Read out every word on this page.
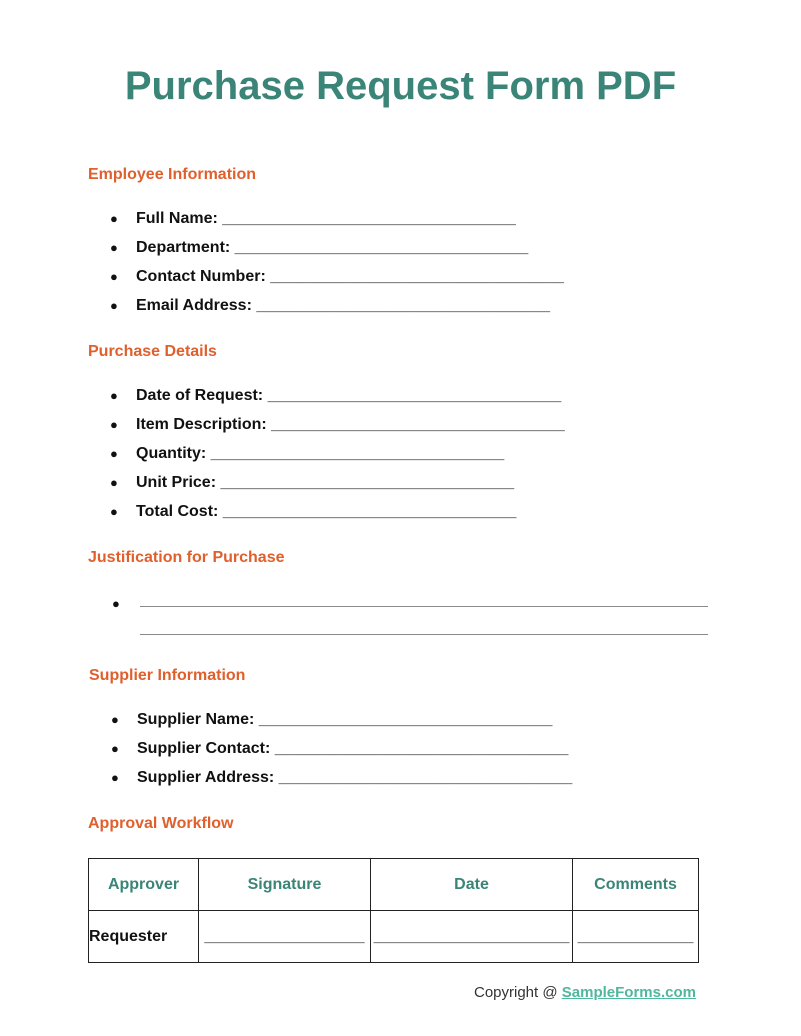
Purchase Request Form PDF
Employee Information
● Full Name: _________________________________
● Department: _________________________________
● Contact Number: _________________________________
● Email Address: _________________________________
Purchase Details
● Date of Request: _________________________________
● Item Description: _________________________________
● Quantity: _________________________________
● Unit Price: _________________________________
● Total Cost: _________________________________
Justification for Purchase
●
Supplier Information
● Supplier Name: _________________________________
● Supplier Contact: _________________________________
● Supplier Address: _________________________________
Approval Workflow
Approver	Signature	Date	Comments
Requester	__________________	______________________	_____________
Copyright @ SampleForms.com
